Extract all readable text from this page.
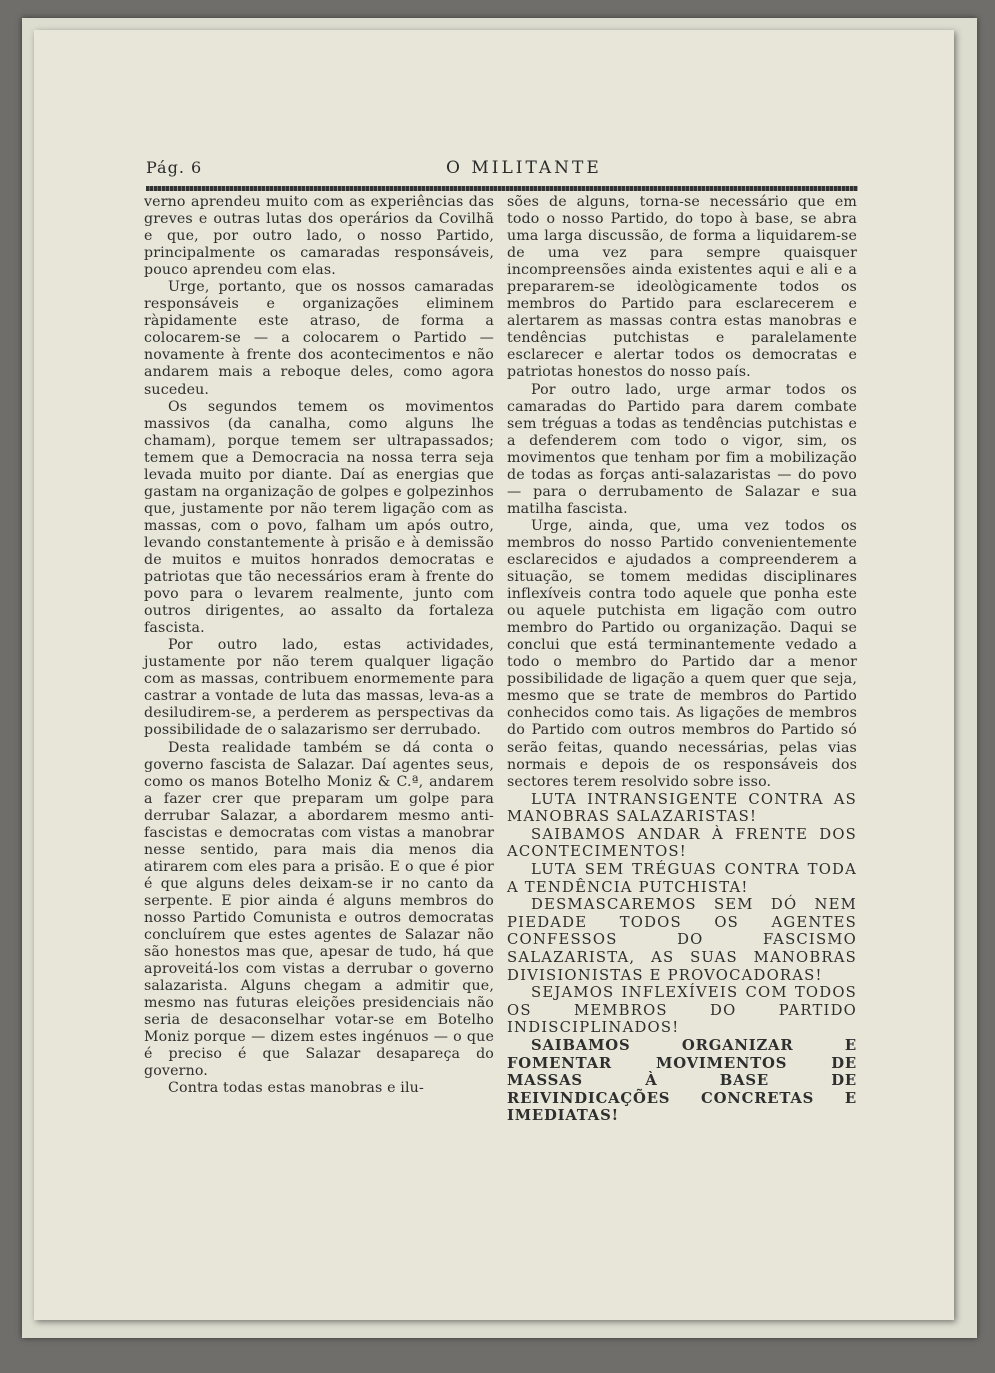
Pág. 6	O MILITANTE

verno aprendeu muito com as experiências das greves e outras lutas dos operários da Covilhã e que, por outro lado, o nosso Partido, principalmente os camaradas responsáveis, pouco aprendeu com elas.

Urge, portanto, que os nossos camaradas responsáveis e organizações eliminem ràpidamente este atraso, de forma a colocarem-se — a colocarem o Partido — novamente à frente dos acontecimentos e não andarem mais a reboque deles, como agora sucedeu.

Os segundos temem os movimentos massivos (da canalha, como alguns lhe chamam), porque temem ser ultrapassados; temem que a Democracia na nossa terra seja levada muito por diante. Daí as energias que gastam na organização de golpes e golpezinhos que, justamente por não terem ligação com as massas, com o povo, falham um após outro, levando constantemente à prisão e à demissão de muitos e muitos honrados democratas e patriotas que tão necessários eram à frente do povo para o levarem realmente, junto com outros dirigentes, ao assalto da fortaleza fascista.

Por outro lado, estas actividades, justamente por não terem qualquer ligação com as massas, contribuem enormemente para castrar a vontade de luta das massas, leva-as a desiludirem-se, a perderem as perspectivas da possibilidade de o salazarismo ser derrubado.

Desta realidade também se dá conta o governo fascista de Salazar. Daí agentes seus, como os manos Botelho Moniz & C.ª, andarem a fazer crer que preparam um golpe para derrubar Salazar, a abordarem mesmo anti-fascistas e democratas com vistas a manobrar nesse sentido, para mais dia menos dia atirarem com eles para a prisão. E o que é pior é que alguns deles deixam-se ir no canto da serpente. E pior ainda é alguns membros do nosso Partido Comunista e outros democratas concluírem que estes agentes de Salazar não são honestos mas que, apesar de tudo, há que aproveitá-los com vistas a derrubar o governo salazarista. Alguns chegam a admitir que, mesmo nas futuras eleições presidenciais não seria de desaconselhar votar-se em Botelho Moniz porque — dizem estes ingénuos — o que é preciso é que Salazar desapareça do governo.

Contra todas estas manobras e ilu-

sões de alguns, torna-se necessário que em todo o nosso Partido, do topo à base, se abra uma larga discussão, de forma a liquidarem-se de uma vez para sempre quaisquer incompreensões ainda existentes aqui e ali e a prepararem-se ideològicamente todos os membros do Partido para esclarecerem e alertarem as massas contra estas manobras e tendências putchistas e paralelamente esclarecer e alertar todos os democratas e patriotas honestos do nosso país.

Por outro lado, urge armar todos os camaradas do Partido para darem combate sem tréguas a todas as tendências putchistas e a defenderem com todo o vigor, sim, os movimentos que tenham por fim a mobilização de todas as forças anti-salazaristas — do povo — para o derrubamento de Salazar e sua matilha fascista.

Urge, ainda, que, uma vez todos os membros do nosso Partido convenientemente esclarecidos e ajudados a compreenderem a situação, se tomem medidas disciplinares inflexíveis contra todo aquele que ponha este ou aquele putchista em ligação com outro membro do Partido ou organização. Daqui se conclui que está terminantemente vedado a todo o membro do Partido dar a menor possibilidade de ligação a quem quer que seja, mesmo que se trate de membros do Partido conhecidos como tais. As ligações de membros do Partido com outros membros do Partido só serão feitas, quando necessárias, pelas vias normais e depois de os responsáveis dos sectores terem resolvido sobre isso.

LUTA INTRANSIGENTE CONTRA AS MANOBRAS SALAZARISTAS!

SAIBAMOS ANDAR À FRENTE DOS ACONTECIMENTOS!

LUTA SEM TRÉGUAS CONTRA TODA A TENDÊNCIA PUTCHISTA!

DESMASCAREMOS SEM DÓ NEM PIEDADE TODOS OS AGENTES CONFESSOS DO FASCISMO SALAZARISTA, AS SUAS MANOBRAS DIVISIONISTAS E PROVOCADORAS!

SEJAMOS INFLEXÍVEIS COM TODOS OS MEMBROS DO PARTIDO INDISCIPLINADOS!

SAIBAMOS ORGANIZAR E FOMENTAR MOVIMENTOS DE MASSAS À BASE DE REIVINDICAÇÕES CONCRETAS E IMEDIATAS!
